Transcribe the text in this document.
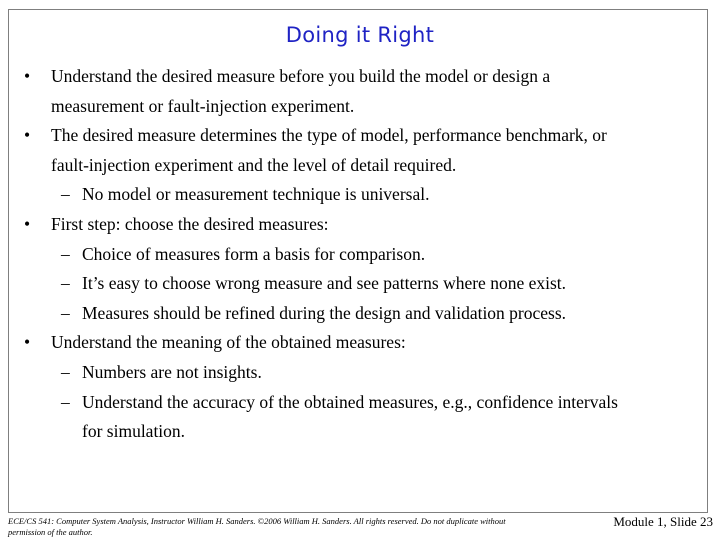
Doing it Right
• Understand the desired measure before you build the model or design a
measurement or fault-injection experiment.
• The desired measure determines the type of model, performance benchmark, or
fault-injection experiment and the level of detail required.
– No model or measurement technique is universal.
• First step: choose the desired measures:
– Choice of measures form a basis for comparison.
– It’s easy to choose wrong measure and see patterns where none exist.
– Measures should be refined during the design and validation process.
• Understand the meaning of the obtained measures:
– Numbers are not insights.
– Understand the accuracy of the obtained measures, e.g., confidence intervals
for simulation.
ECE/CS 541: Computer System Analysis, Instructor William H. Sanders. ©2006 William H. Sanders. All rights reserved. Do not duplicate without
permission of the author.
Module 1, Slide 23
